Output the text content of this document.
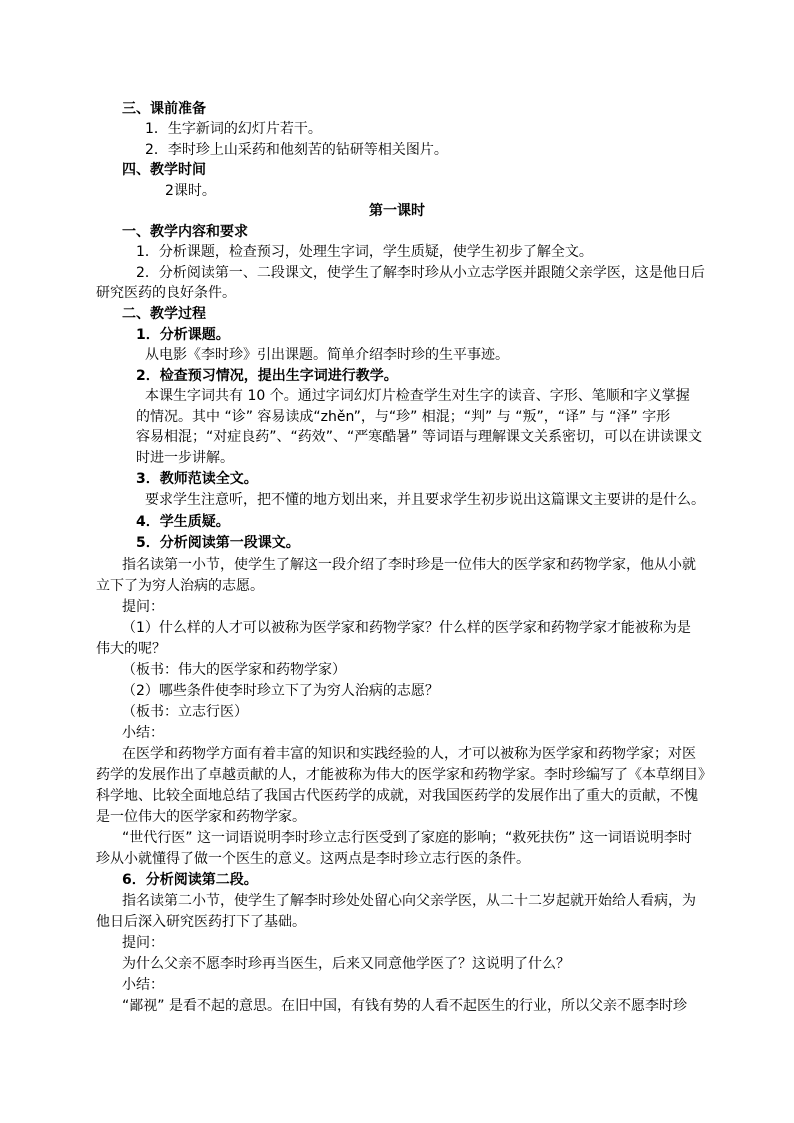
三、课前准备
1．生字新词的幻灯片若干。
2．李时珍上山采药和他刻苦的钻研等相关图片。
四、教学时间
2课时。
第一课时
一、教学内容和要求
1．分析课题，检查预习，处理生字词，学生质疑，使学生初步了解全文。
2．分析阅读第一、二段课文，使学生了解李时珍从小立志学医并跟随父亲学医，这是他日后
研究医药的良好条件。
二、教学过程
1．分析课题。
从电影《李时珍》引出课题。简单介绍李时珍的生平事迹。
2．检查预习情况，提出生字词进行教学。
本课生字词共有 10 个。通过字词幻灯片检查学生对生字的读音、字形、笔顺和字义掌握
的情况。其中 “诊” 容易读成“zhěn”，与“珍” 相混；“判” 与 “叛”，“译” 与 “泽” 字形
容易相混；“对症良药”、“药效”、“严寒酷暑” 等词语与理解课文关系密切，可以在讲读课文
时进一步讲解。
3．教师范读全文。
要求学生注意听，把不懂的地方划出来，并且要求学生初步说出这篇课文主要讲的是什么。
4．学生质疑。
5．分析阅读第一段课文。
指名读第一小节，使学生了解这一段介绍了李时珍是一位伟大的医学家和药物学家，他从小就
立下了为穷人治病的志愿。
提问：
（1）什么样的人才可以被称为医学家和药物学家？什么样的医学家和药物学家才能被称为是
伟大的呢？
（板书：伟大的医学家和药物学家）
（2）哪些条件使李时珍立下了为穷人治病的志愿？
（板书：立志行医）
小结：
在医学和药物学方面有着丰富的知识和实践经验的人，才可以被称为医学家和药物学家；对医
药学的发展作出了卓越贡献的人，才能被称为伟大的医学家和药物学家。李时珍编写了《本草纲目》
科学地、比较全面地总结了我国古代医药学的成就，对我国医药学的发展作出了重大的贡献，不愧
是一位伟大的医学家和药物学家。
“世代行医” 这一词语说明李时珍立志行医受到了家庭的影响；“救死扶伤” 这一词语说明李时
珍从小就懂得了做一个医生的意义。这两点是李时珍立志行医的条件。
6．分析阅读第二段。
指名读第二小节，使学生了解李时珍处处留心向父亲学医，从二十二岁起就开始给人看病，为
他日后深入研究医药打下了基础。
提问：
为什么父亲不愿李时珍再当医生，后来又同意他学医了？这说明了什么？
小结：
“鄙视” 是看不起的意思。在旧中国，有钱有势的人看不起医生的行业，所以父亲不愿李时珍
